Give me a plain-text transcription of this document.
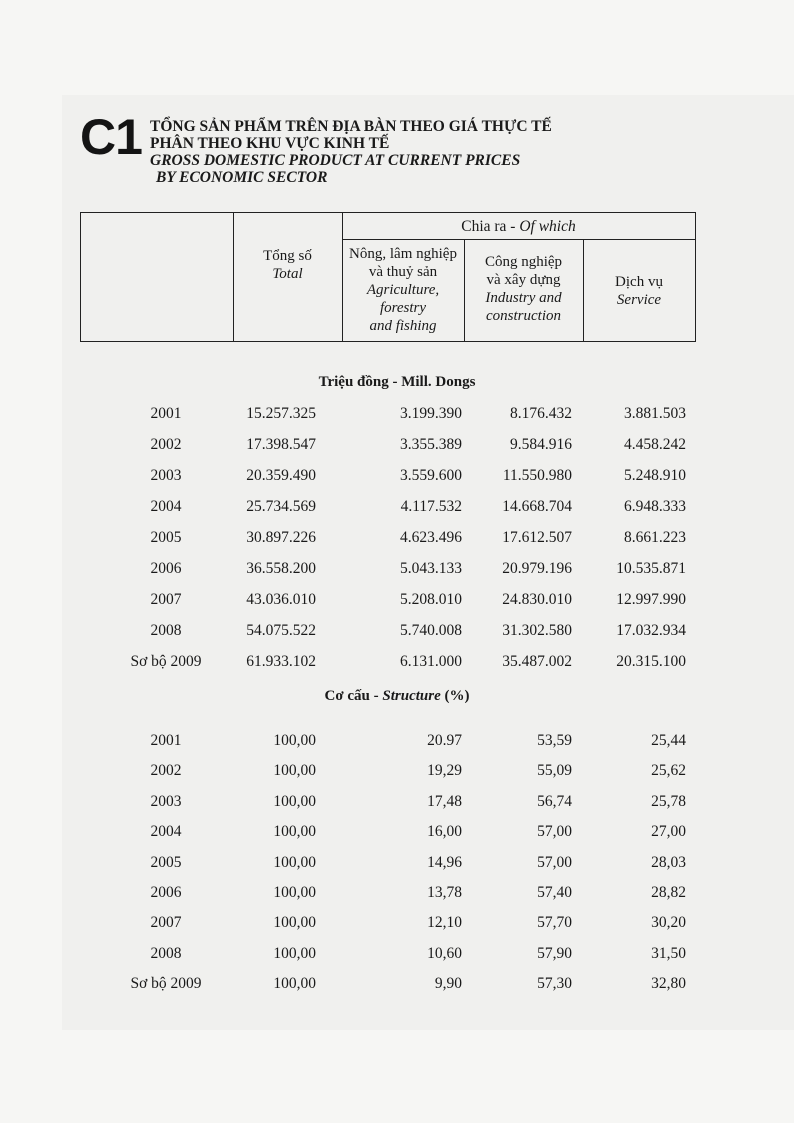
C1 TỔNG SẢN PHẨM TRÊN ĐỊA BÀN THEO GIÁ THỰC TẾ
PHÂN THEO KHU VỰC KINH TẾ
GROSS DOMESTIC PRODUCT AT CURRENT PRICES
BY ECONOMIC SECTOR
Tổng số
Total
Chia ra - Of which
Nông, lâm nghiệp
và thuỷ sản
Agriculture,
forestry
and fishing
Công nghiệp
và xây dựng
Industry and
construction
Dịch vụ
Service
Triệu đồng - Mill. Dongs
2001	15.257.325	3.199.390	8.176.432	3.881.503
2002	17.398.547	3.355.389	9.584.916	4.458.242
2003	20.359.490	3.559.600	11.550.980	5.248.910
2004	25.734.569	4.117.532	14.668.704	6.948.333
2005	30.897.226	4.623.496	17.612.507	8.661.223
2006	36.558.200	5.043.133	20.979.196	10.535.871
2007	43.036.010	5.208.010	24.830.010	12.997.990
2008	54.075.522	5.740.008	31.302.580	17.032.934
Sơ bộ 2009	61.933.102	6.131.000	35.487.002	20.315.100
Cơ cấu - Structure (%)
2001	100,00	20.97	53,59	25,44
2002	100,00	19,29	55,09	25,62
2003	100,00	17,48	56,74	25,78
2004	100,00	16,00	57,00	27,00
2005	100,00	14,96	57,00	28,03
2006	100,00	13,78	57,40	28,82
2007	100,00	12,10	57,70	30,20
2008	100,00	10,60	57,90	31,50
Sơ bộ 2009	100,00	9,90	57,30	32,80
